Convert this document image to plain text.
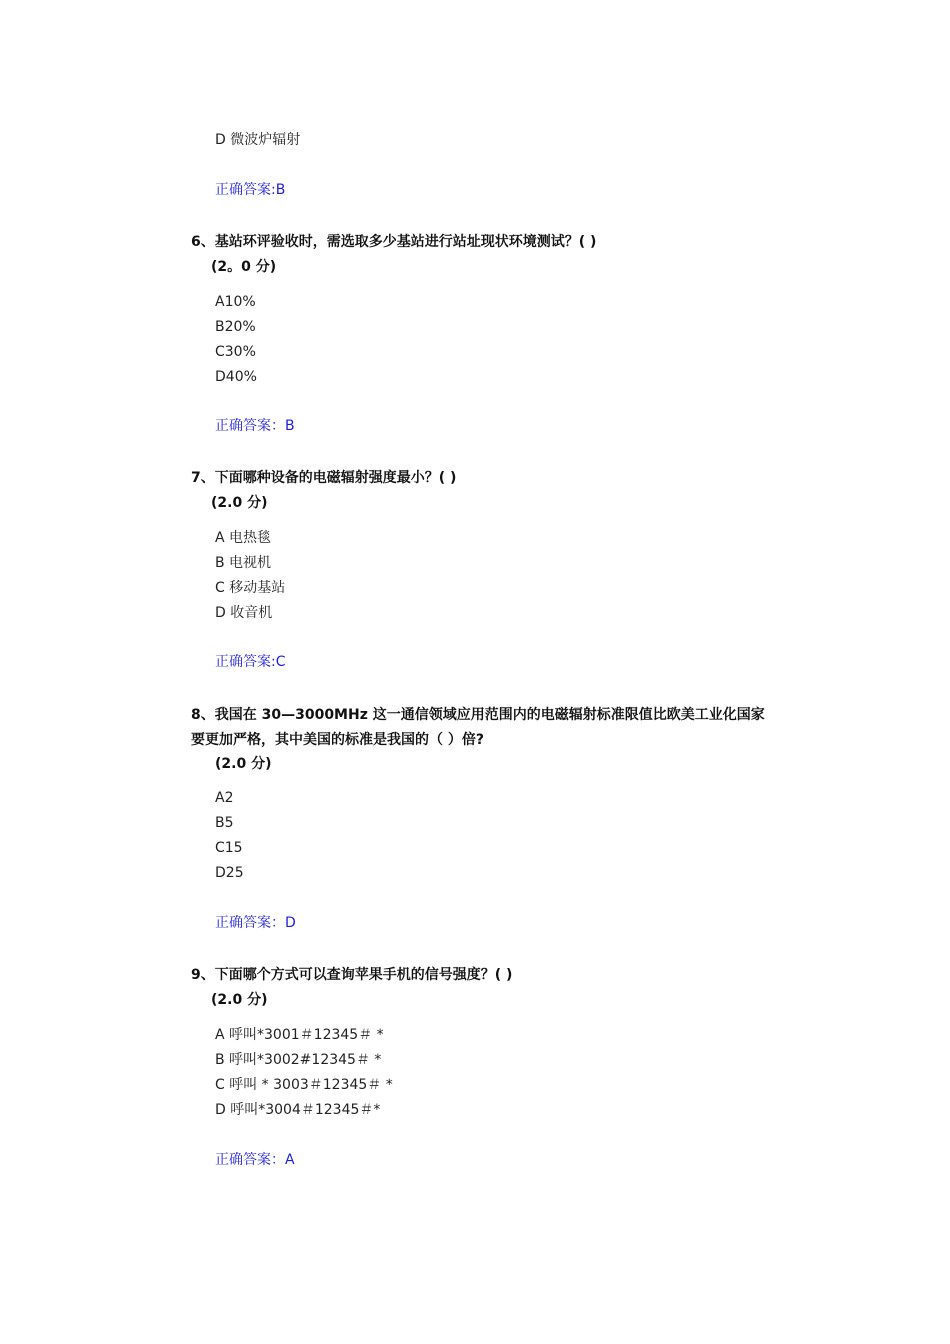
D 微波炉辐射
正确答案:B
6、基站环评验收时，需选取多少基站进行站址现状环境测试？( )
(2。0 分)
A10%
B20%
C30%
D40%
正确答案：B
7、下面哪种设备的电磁辐射强度最小？( )
(2.0 分)
A 电热毯
B 电视机
C 移动基站
D 收音机
正确答案:C
8、我国在 30—3000MHz 这一通信领域应用范围内的电磁辐射标准限值比欧美工业化国家
要更加严格，其中美国的标准是我国的（ ）倍?
(2.0 分)
A2
B5
C15
D25
正确答案：D
9、下面哪个方式可以查询苹果手机的信号强度？( )
(2.0 分)
A 呼叫*3001＃12345＃ *
B 呼叫*3002#12345＃ *
C 呼叫 * 3003＃12345＃ *
D 呼叫*3004＃12345＃*
正确答案：A
